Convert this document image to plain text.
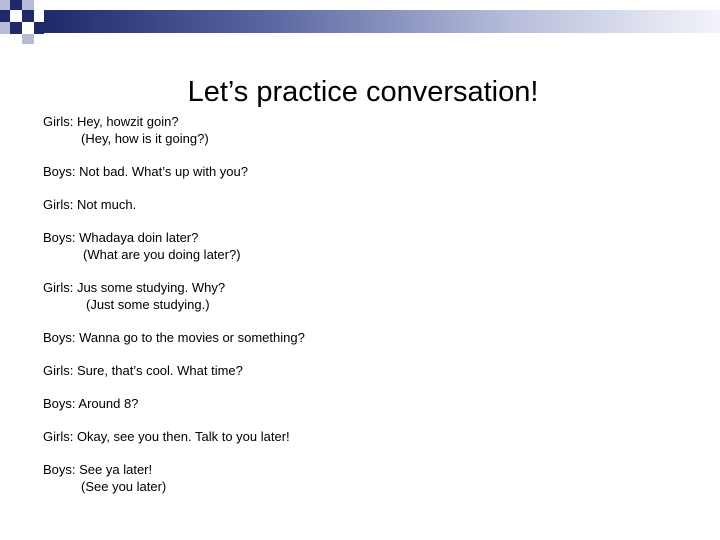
Let’s practice conversation!
Girls: Hey, howzit goin?
(Hey, how is it going?)
Boys: Not bad. What’s up with you?
Girls: Not much.
Boys: Whadaya doin later?
(What are you doing later?)
Girls: Jus some studying. Why?
(Just some studying.)
Boys: Wanna go to the movies or something?
Girls: Sure, that’s cool. What time?
Boys: Around 8?
Girls: Okay, see you then. Talk to you later!
Boys: See ya later!
(See you later)
